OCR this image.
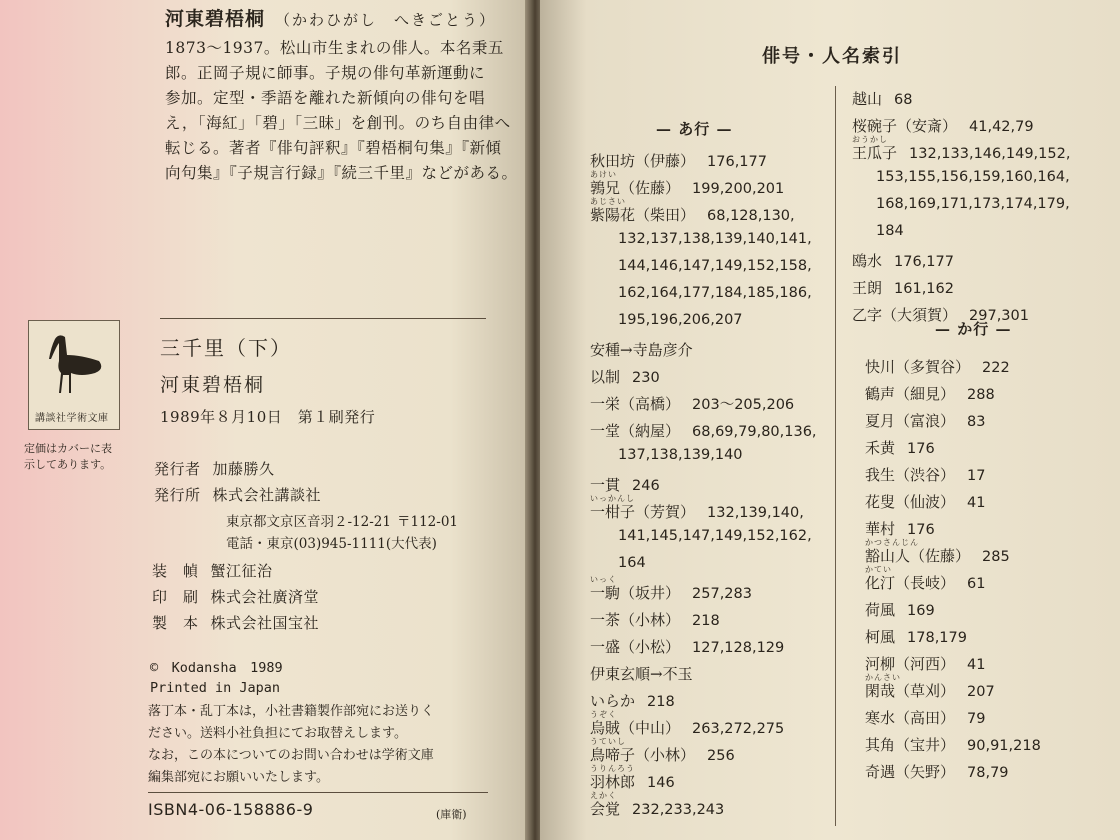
河東碧梧桐 （かわひがし　へきごとう）
1873〜1937。松山市生まれの俳人。本名秉五
郎。正岡子規に師事。子規の俳句革新運動に
参加。定型・季語を離れた新傾向の俳句を唱
え，「海紅」「碧」「三昧」を創刊。のち自由律へ
転じる。著者『俳句評釈』『碧梧桐句集』『新傾
向句集』『子規言行録』『続三千里』などがある。
講談社学術文庫
定価はカバーに表
示してあります。
三千里（下）
河東碧梧桐
1989年８月10日　第１刷発行
発行者 加藤勝久
発行所 株式会社講談社
東京都文京区音羽２-12-21 〒112-01
電話・東京(03)945-1111(大代表)
装　幀 蟹江征治
印　刷 株式会社廣済堂
製　本 株式会社国宝社
©　Kodansha　1989
Printed in Japan
落丁本・乱丁本は，小社書籍製作部宛にお送りく
ださい。送料小社負担にてお取替えします。
なお，この本についてのお問い合わせは学術文庫
編集部宛にお願いいたします。
ISBN4-06-158886-9	(庫衛)
俳号・人名索引
— あ行 —
秋田坊（伊藤） 176,177
あけい
鶉兄（佐藤） 199,200,201
あじさい
紫陽花（柴田） 68,128,130,
132,137,138,139,140,141,
144,146,147,149,152,158,
162,164,177,184,185,186,
195,196,206,207
安種→寺島彦介
以制 230
一栄（高橋） 203〜205,206
一堂（納屋） 68,69,79,80,136,
137,138,139,140
一貫 246
いっかんし
一柑子（芳賀） 132,139,140,
141,145,147,149,152,162,
164
いっく
一駒（坂井） 257,283
一茶（小林） 218
一盛（小松） 127,128,129
伊東玄順→不玉
いらか 218
うぞく
烏賊（中山） 263,272,275
うていし
鳥啼子（小林） 256
うりんろう
羽林郎 146
えかく
会覚 232,233,243
越山 68
桜碗子（安斎） 41,42,79
おうかし
王瓜子 132,133,146,149,152,
153,155,156,159,160,164,
168,169,171,173,174,179,
184
鴎水 176,177
王朗 161,162
乙字（大須賀） 297,301
— か行 —
快川（多賀谷） 222
鶴声（細見） 288
夏月（富浪） 83
禾黄 176
我生（渋谷） 17
花叟（仙波） 41
華村 176
かつさんじん
豁山人（佐藤） 285
かてい
化汀（長岐） 61
荷風 169
柯風 178,179
河柳（河西） 41
かんさい
閑哉（草刈） 207
寒水（高田） 79
其角（宝井） 90,91,218
奇遇（矢野） 78,79
